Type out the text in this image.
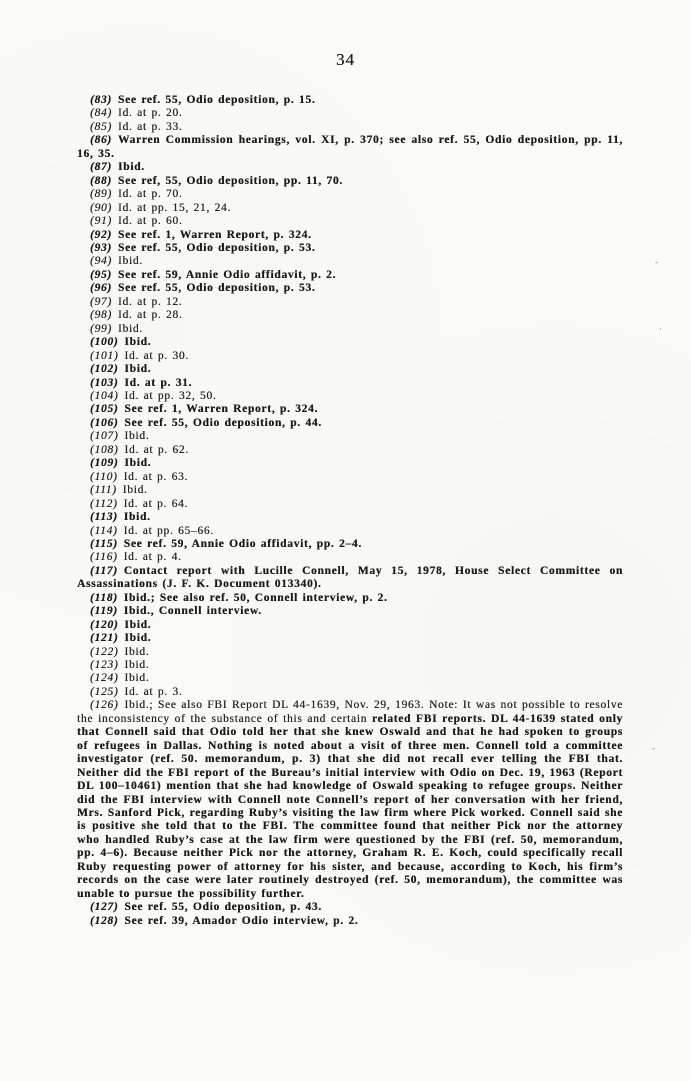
34

(83) See ref. 55, Odio deposition, p. 15.

(84) Id. at p. 20.

(85) Id. at p. 33.

(86) Warren Commission hearings, vol. XI, p. 370; see also ref. 55, Odio deposition, pp. 11, 16, 35.

(87) Ibid.

(88) See ref, 55, Odio deposition, pp. 11, 70.

(89) Id. at p. 70.

(90) Id. at pp. 15, 21, 24.

(91) Id. at p. 60.

(92) See ref. 1, Warren Report, p. 324.

(93) See ref. 55, Odio deposition, p. 53.

(94) Ibid.

(95) See ref. 59, Annie Odio affidavit, p. 2.

(96) See ref. 55, Odio deposition, p. 53.

(97) Id. at p. 12.

(98) Id. at p. 28.

(99) Ibid.

(100) Ibid.

(101) Id. at p. 30.

(102) Ibid.

(103) Id. at p. 31.

(104) Id. at pp. 32, 50.

(105) See ref. 1, Warren Report, p. 324.

(106) See ref. 55, Odio deposition, p. 44.

(107) Ibid.

(108) Id. at p. 62.

(109) Ibid.

(110) Id. at p. 63.

(111) Ibid.

(112) Id. at p. 64.

(113) Ibid.

(114) Id. at pp. 65–66.

(115) See ref. 59, Annie Odio affidavit, pp. 2–4.

(116) Id. at p. 4.

(117) Contact report with Lucille Connell, May 15, 1978, House Select Committee on Assassinations (J. F. K. Document 013340).

(118) Ibid.; See also ref. 50, Connell interview, p. 2.

(119) Ibid., Connell interview.

(120) Ibid.

(121) Ibid.

(122) Ibid.

(123) Ibid.

(124) Ibid.

(125) Id. at p. 3.

(126) Ibid.; See also FBI Report DL 44-1639, Nov. 29, 1963. Note: It was not possible to resolve the inconsistency of the substance of this and certain related FBI reports. DL 44-1639 stated only that Connell said that Odio told her that she knew Oswald and that he had spoken to groups of refugees in Dallas. Nothing is noted about a visit of three men. Connell told a committee investigator (ref. 50. memorandum, p. 3) that she did not recall ever telling the FBI that. Neither did the FBI report of the Bureau’s initial interview with Odio on Dec. 19, 1963 (Report DL 100–10461) mention that she had knowledge of Oswald speaking to refugee groups. Neither did the FBI interview with Connell note Connell’s report of her conversation with her friend, Mrs. Sanford Pick, regarding Ruby’s visiting the law firm where Pick worked. Connell said she is positive she told that to the FBI. The committee found that neither Pick nor the attorney who handled Ruby’s case at the law firm were questioned by the FBI (ref. 50, memorandum, pp. 4–6). Because neither Pick nor the attorney, Graham R. E. Koch, could specifically recall Ruby requesting power of attorney for his sister, and because, according to Koch, his firm’s records on the case were later routinely destroyed (ref. 50, memorandum), the committee was unable to pursue the possibility further.

(127) See ref. 55, Odio deposition, p. 43.

(128) See ref. 39, Amador Odio interview, p. 2.

-
·
-
